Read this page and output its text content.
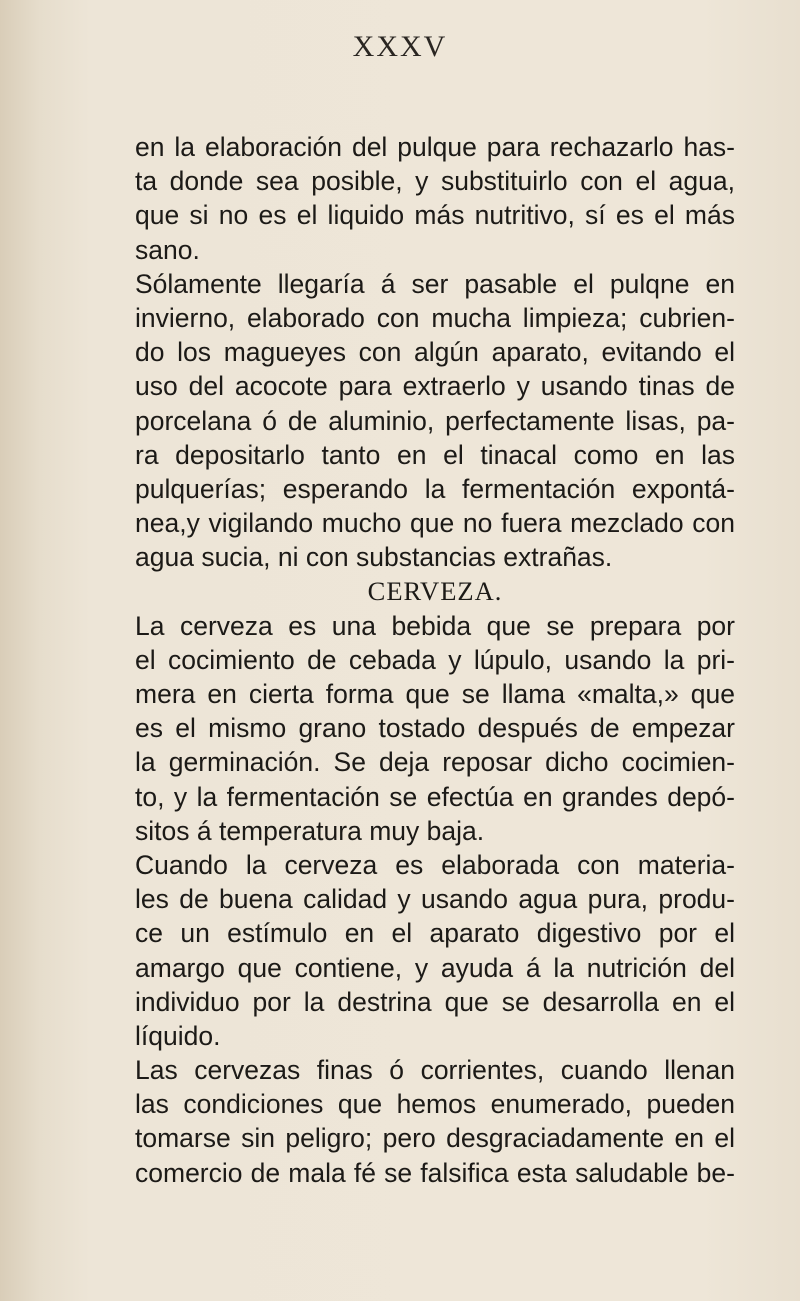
XXXV
en la elaboración del pulque para rechazarlo has-
ta donde sea posible, y substituirlo con el agua,
que si no es el liquido más nutritivo, sí es el más
sano.
Sólamente llegaría á ser pasable el pulqne en
invierno, elaborado con mucha limpieza; cubrien-
do los magueyes con algún aparato, evitando el
uso del acocote para extraerlo y usando tinas de
porcelana ó de aluminio, perfectamente lisas, pa-
ra depositarlo tanto en el tinacal como en las
pulquerías; esperando la fermentación expontá-
nea,y vigilando mucho que no fuera mezclado con
agua sucia, ni con substancias extrañas.
CERVEZA.
La cerveza es una bebida que se prepara por
el cocimiento de cebada y lúpulo, usando la pri-
mera en cierta forma que se llama «malta,» que
es el mismo grano tostado después de empezar
la germinación. Se deja reposar dicho cocimien-
to, y la fermentación se efectúa en grandes depó-
sitos á temperatura muy baja.
Cuando la cerveza es elaborada con materia-
les de buena calidad y usando agua pura, produ-
ce un estímulo en el aparato digestivo por el
amargo que contiene, y ayuda á la nutrición del
individuo por la destrina que se desarrolla en el
líquido.
Las cervezas finas ó corrientes, cuando llenan
las condiciones que hemos enumerado, pueden
tomarse sin peligro; pero desgraciadamente en el
comercio de mala fé se falsifica esta saludable be-
